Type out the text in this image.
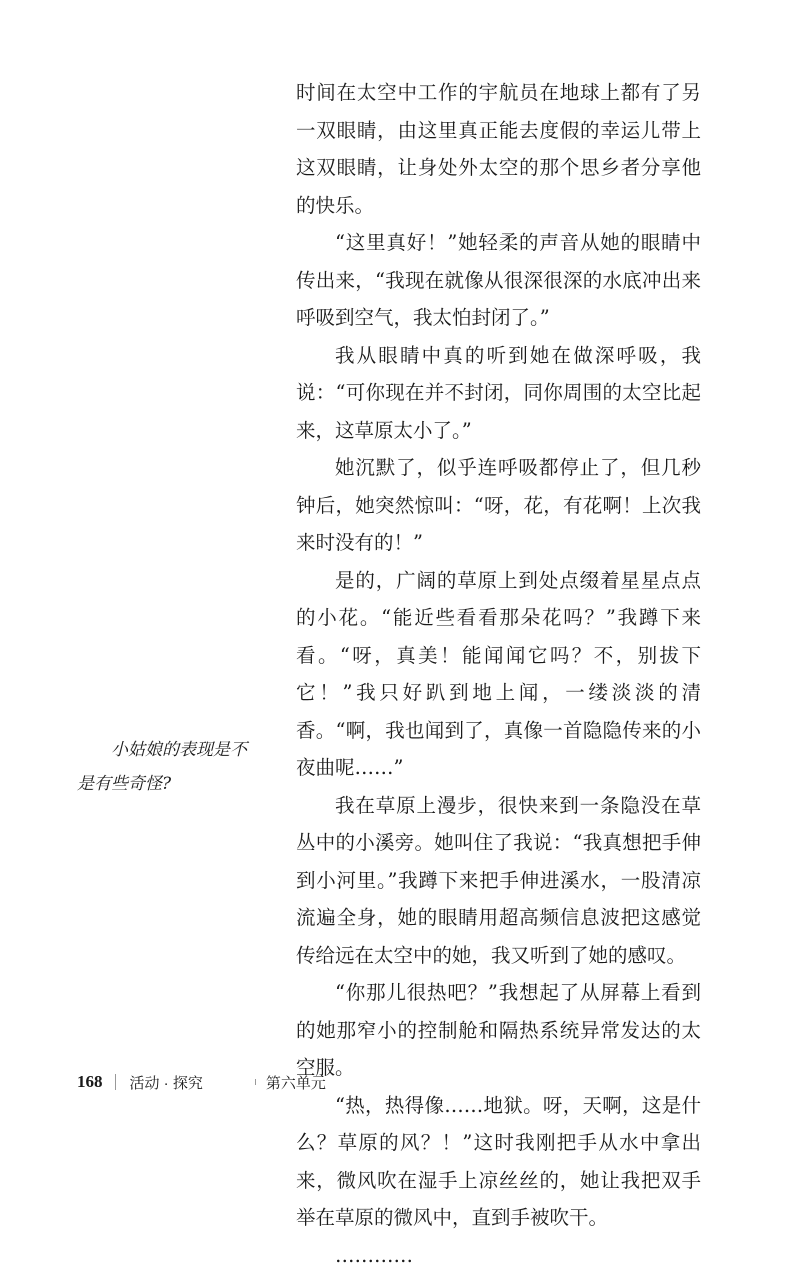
时间在太空中工作的宇航员在地球上都有了另一双眼睛，由这里真正能去度假的幸运儿带上这双眼睛，让身处外太空的那个思乡者分享他的快乐。

“这里真好！”她轻柔的声音从她的眼睛中传出来，“我现在就像从很深很深的水底冲出来呼吸到空气，我太怕封闭了。”

我从眼睛中真的听到她在做深呼吸，我说：“可你现在并不封闭，同你周围的太空比起来，这草原太小了。”

她沉默了，似乎连呼吸都停止了，但几秒钟后，她突然惊叫：“呀，花，有花啊！上次我来时没有的！”

是的，广阔的草原上到处点缀着星星点点的小花。“能近些看看那朵花吗？”我蹲下来看。“呀，真美！能闻闻它吗？不，别拔下它！”我只好趴到地上闻，一缕淡淡的清香。“啊，我也闻到了，真像一首隐隐传来的小夜曲呢……”

我在草原上漫步，很快来到一条隐没在草丛中的小溪旁。她叫住了我说：“我真想把手伸到小河里。”我蹲下来把手伸进溪水，一股清凉流遍全身，她的眼睛用超高频信息波把这感觉传给远在太空中的她，我又听到了她的感叹。

“你那儿很热吧？”我想起了从屏幕上看到的她那窄小的控制舱和隔热系统异常发达的太空服。

“热，热得像……地狱。呀，天啊，这是什么？草原的风？！”这时我刚把手从水中拿出来，微风吹在湿手上凉丝丝的，她让我把双手举在草原的微风中，直到手被吹干。

…………

小姑娘的表现是不是有些奇怪?

168 活动 · 探究	第六单元
